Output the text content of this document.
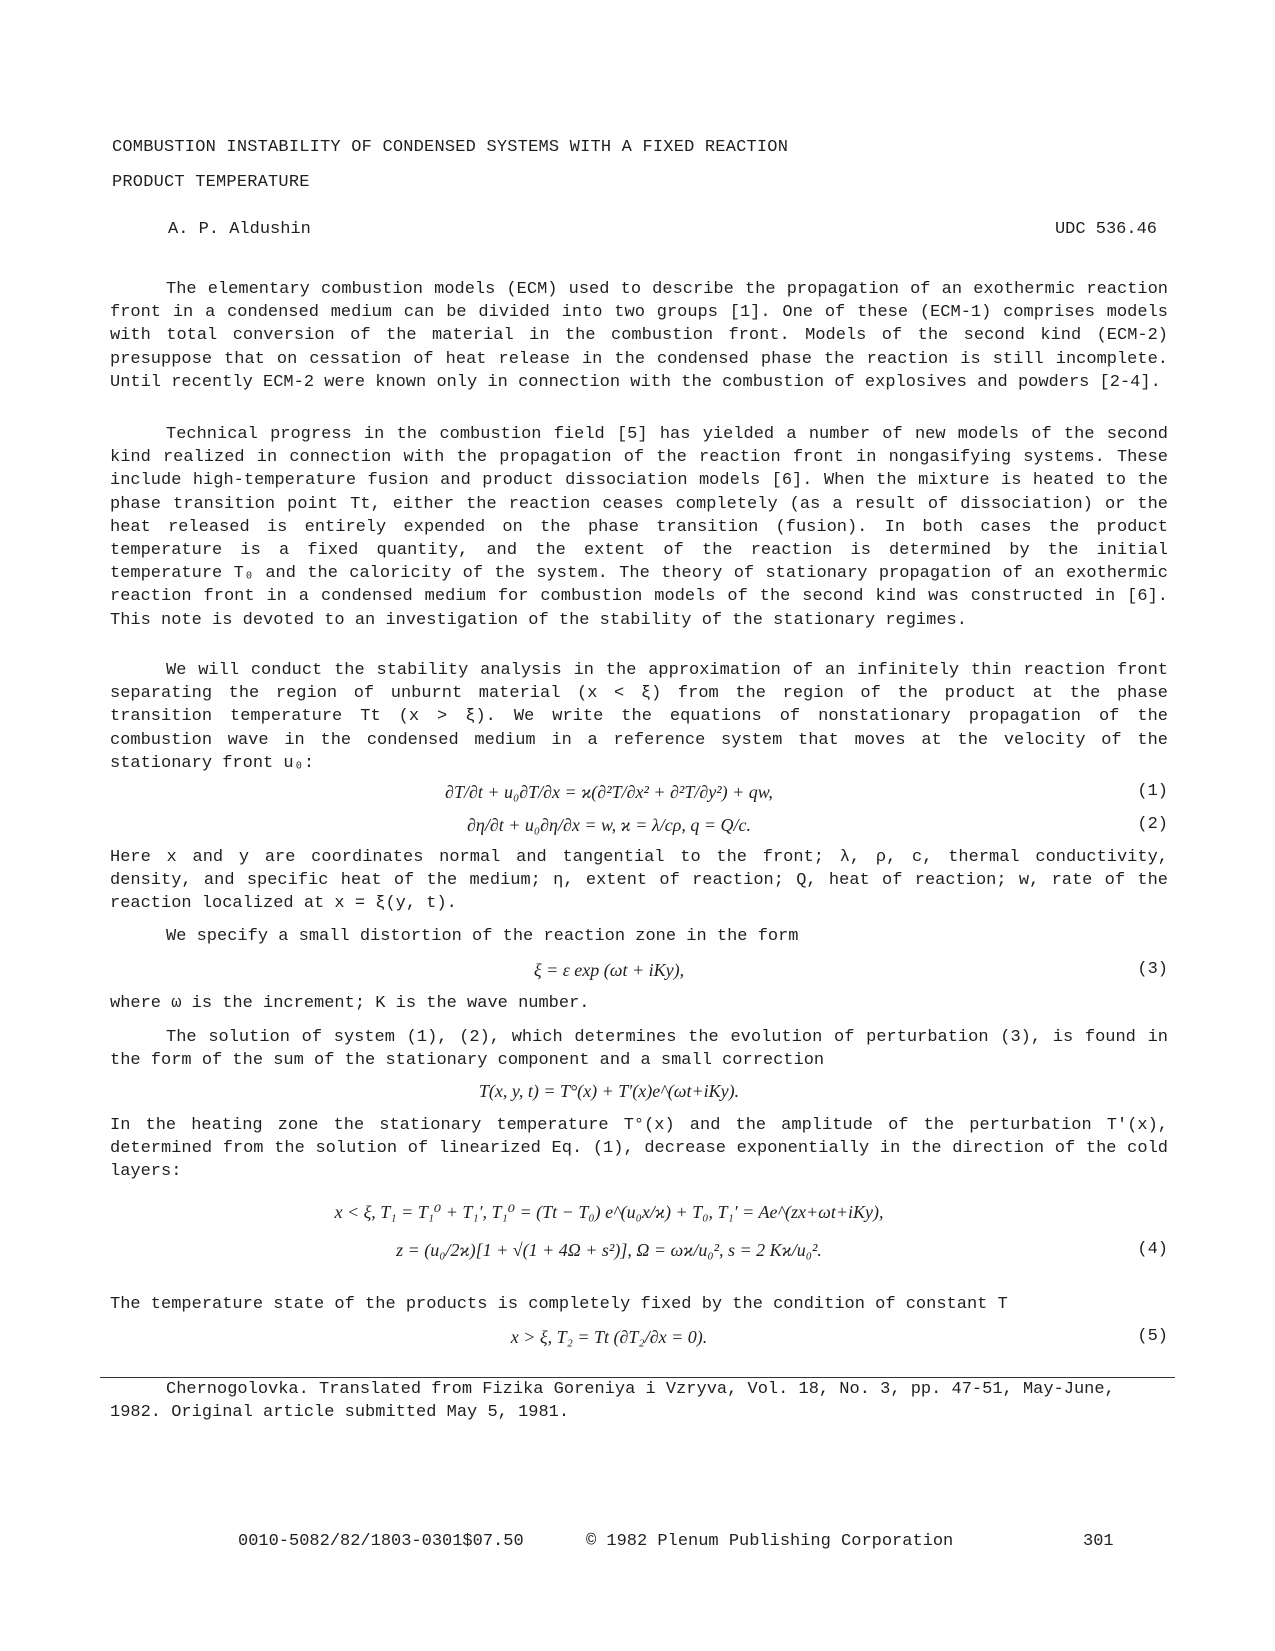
COMBUSTION INSTABILITY OF CONDENSED SYSTEMS WITH A FIXED REACTION
PRODUCT TEMPERATURE
A. P. Aldushin	UDC 536.46

The elementary combustion models (ECM) used to describe the propagation of an exothermic reaction front in a condensed medium can be divided into two groups [1]. One of these (ECM-1) comprises models with total conversion of the material in the combustion front. Models of the second kind (ECM-2) presuppose that on cessation of heat release in the condensed phase the reaction is still incomplete. Until recently ECM-2 were known only in connection with the combustion of explosives and powders [2-4].

Technical progress in the combustion field [5] has yielded a number of new models of the second kind realized in connection with the propagation of the reaction front in nongasifying systems. These include high-temperature fusion and product dissociation models [6]. When the mixture is heated to the phase transition point Tt, either the reaction ceases completely (as a result of dissociation) or the heat released is entirely expended on the phase transition (fusion). In both cases the product temperature is a fixed quantity, and the extent of the reaction is determined by the initial temperature T₀ and the caloricity of the system. The theory of stationary propagation of an exothermic reaction front in a condensed medium for combustion models of the second kind was constructed in [6]. This note is devoted to an investigation of the stability of the stationary regimes.

We will conduct the stability analysis in the approximation of an infinitely thin reaction front separating the region of unburnt material (x < ξ) from the region of the product at the phase transition temperature Tt (x > ξ). We write the equations of nonstationary propagation of the combustion wave in the condensed medium in a reference system that moves at the velocity of the stationary front u₀:

∂T/∂t + u₀∂T/∂x = ϰ(∂²T/∂x² + ∂²T/∂y²) + qw,	(1)
∂η/∂t + u₀∂η/∂x = w, ϰ = λ/cρ, q = Q/c.	(2)

Here x and y are coordinates normal and tangential to the front; λ, ρ, c, thermal conductivity, density, and specific heat of the medium; η, extent of reaction; Q, heat of reaction; w, rate of the reaction localized at x = ξ(y, t).

We specify a small distortion of the reaction zone in the form

ξ = ε exp (ωt + iKy),	(3)

where ω is the increment; K is the wave number.

The solution of system (1), (2), which determines the evolution of perturbation (3), is found in the form of the sum of the stationary component and a small correction

T(x, y, t) = T°(x) + T′(x)e^(ωt+iKy).

In the heating zone the stationary temperature T°(x) and the amplitude of the perturbation T'(x), determined from the solution of linearized Eq. (1), decrease exponentially in the direction of the cold layers:

x < ξ, T₁ = T₁⁰ + T₁′, T₁⁰ = (Tt − T₀) e^(u₀x/ϰ) + T₀, T₁′ = Ae^(zx+ωt+iKy),
z = (u₀/2ϰ)[1 + √(1 + 4Ω + s²)], Ω = ωϰ/u₀², s = 2 Kϰ/u₀².	(4)

The temperature state of the products is completely fixed by the condition of constant T

x > ξ, T₂ = Tt (∂T₂/∂x = 0).	(5)

Chernogolovka. Translated from Fizika Goreniya i Vzryva, Vol. 18, No. 3, pp. 47-51, May-June, 1982. Original article submitted May 5, 1981.

0010-5082/82/1803-0301$07.50	© 1982 Plenum Publishing Corporation	301
